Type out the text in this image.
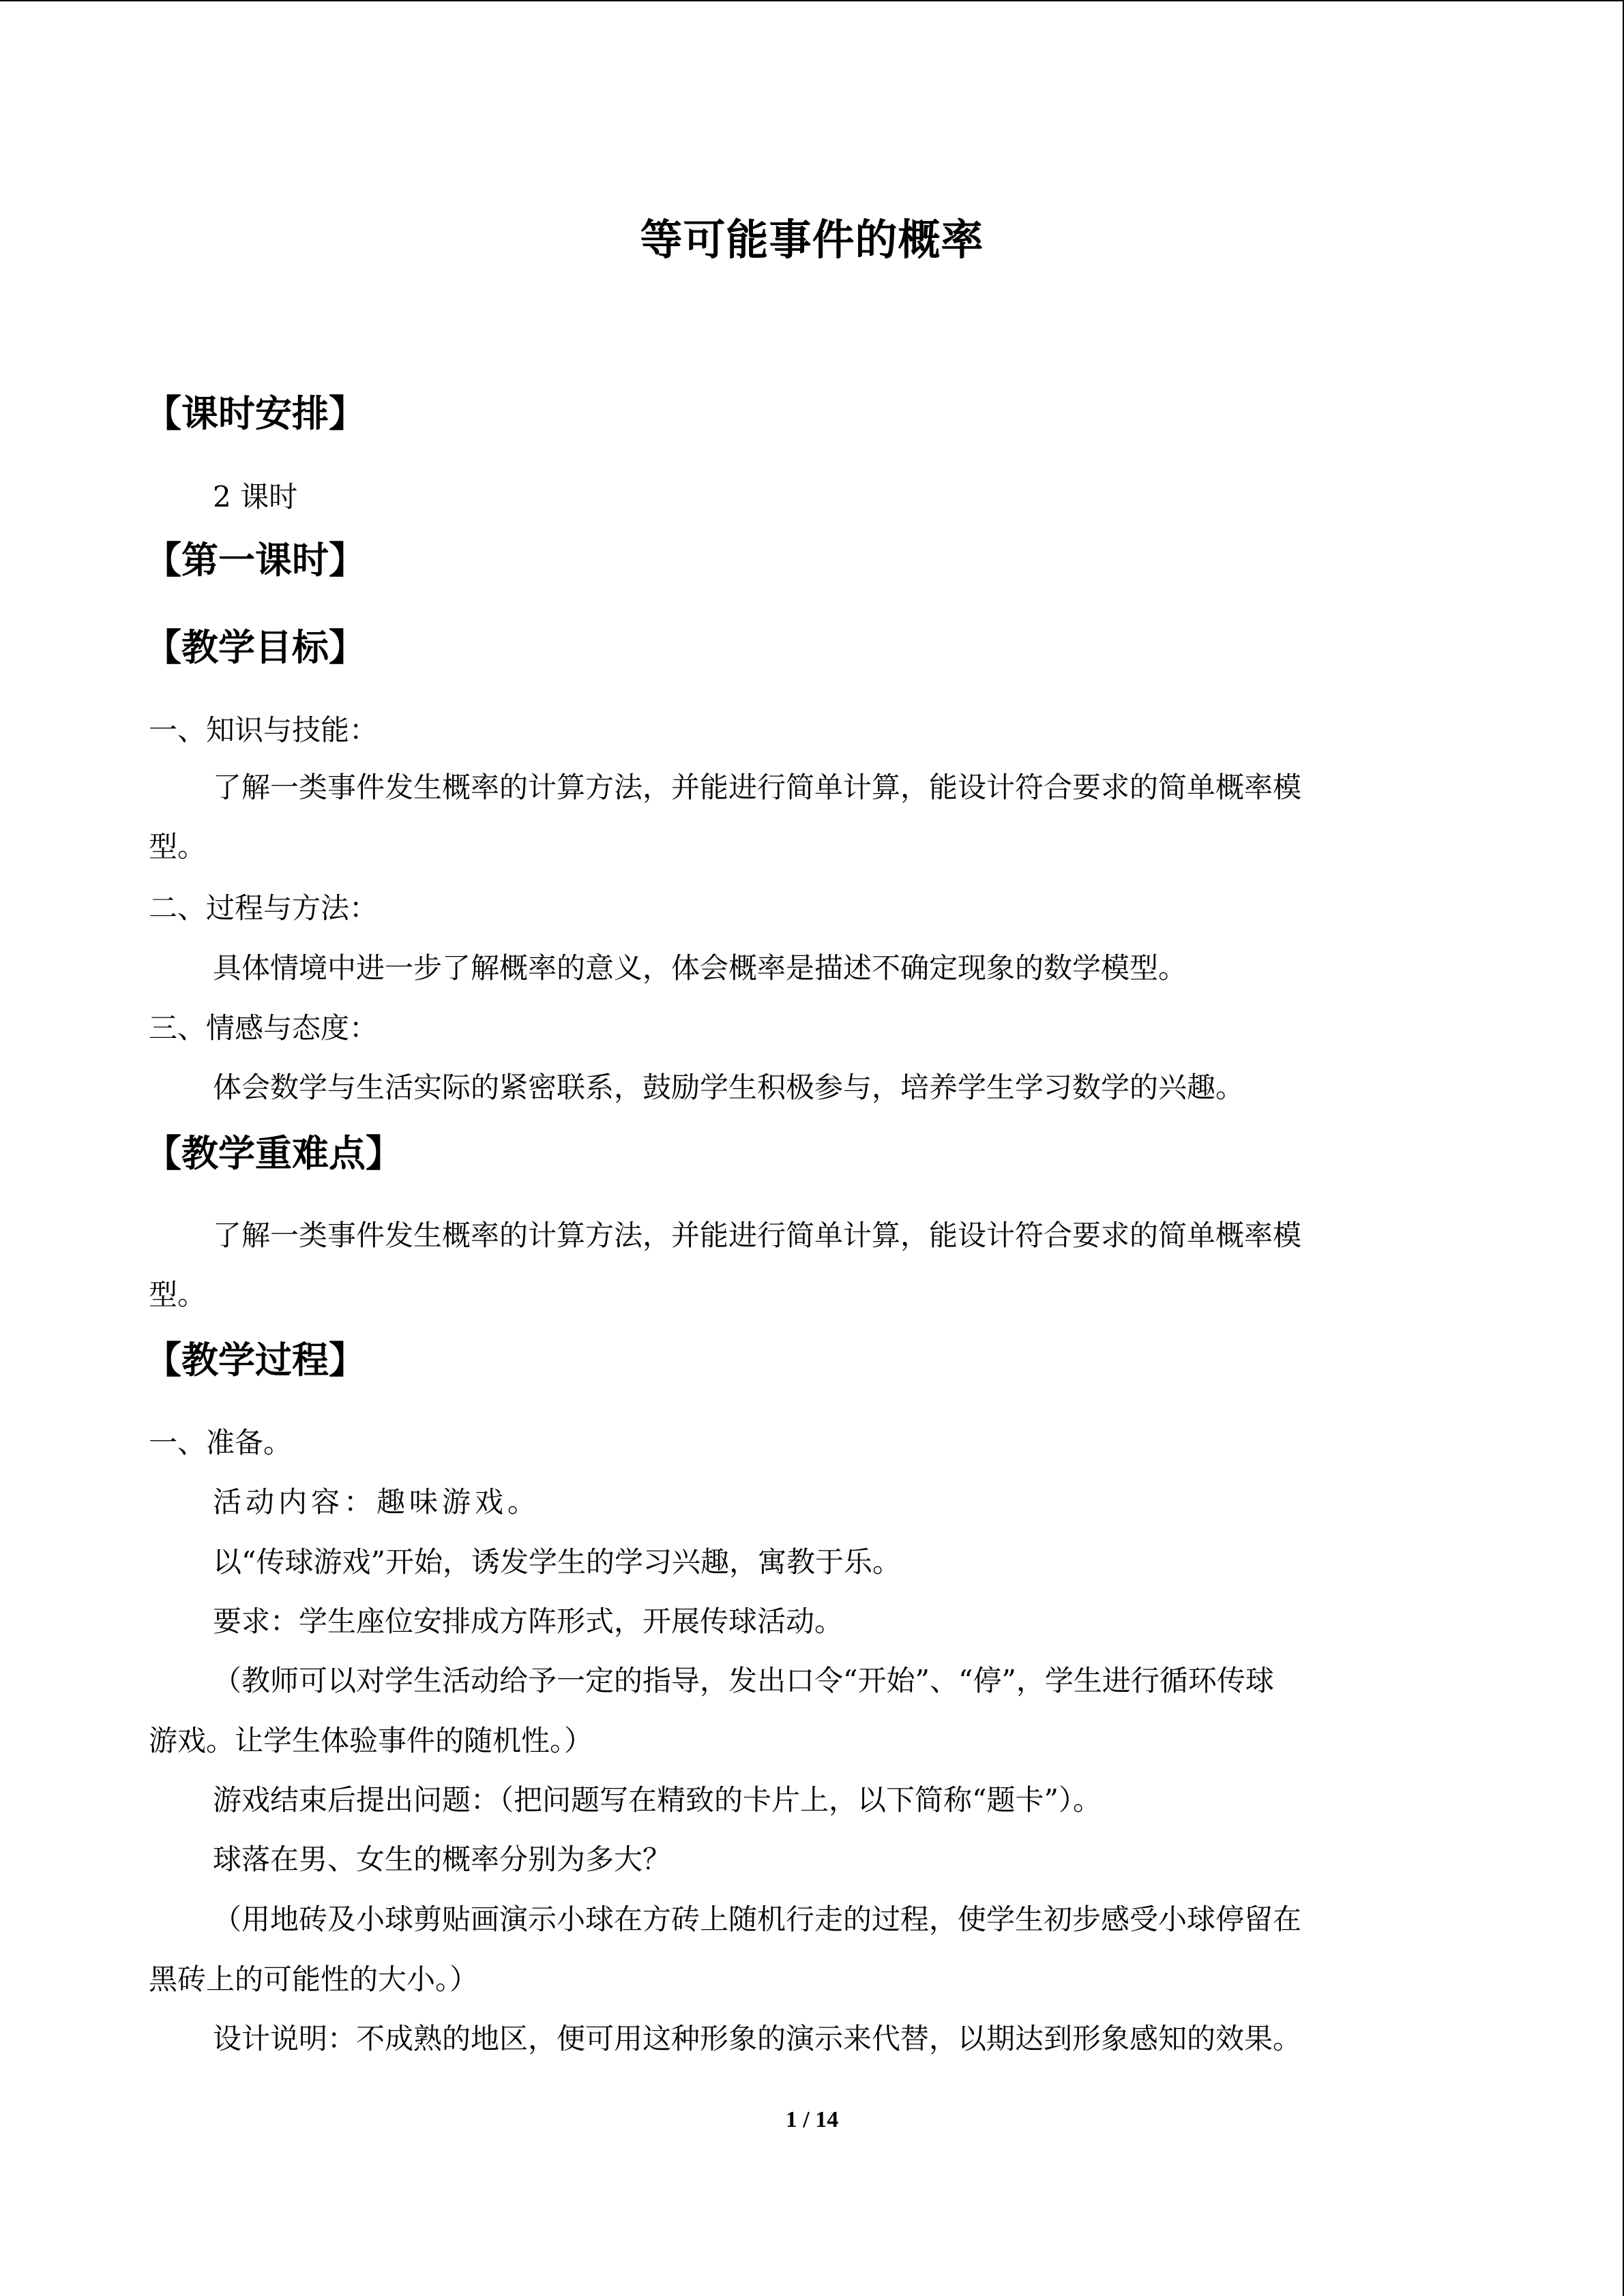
等可能事件的概率
【课时安排】
2 课时
【第一课时】
【教学目标】
一、知识与技能：
了解一类事件发生概率的计算方法，并能进行简单计算，能设计符合要求的简单概率模
型。
二、过程与方法：
具体情境中进一步了解概率的意义，体会概率是描述不确定现象的数学模型。
三、情感与态度：
体会数学与生活实际的紧密联系，鼓励学生积极参与，培养学生学习数学的兴趣。
【教学重难点】
了解一类事件发生概率的计算方法，并能进行简单计算，能设计符合要求的简单概率模
型。
【教学过程】
一、准备。
活动内容：趣味游戏。
以“传球游戏”开始，诱发学生的学习兴趣，寓教于乐。
要求：学生座位安排成方阵形式，开展传球活动。
（教师可以对学生活动给予一定的指导，发出口令“开始”、“停”，学生进行循环传球
游戏。让学生体验事件的随机性。）
游戏结束后提出问题：（把问题写在精致的卡片上，以下简称“题卡”）。
球落在男、女生的概率分别为多大？
（用地砖及小球剪贴画演示小球在方砖上随机行走的过程，使学生初步感受小球停留在
黑砖上的可能性的大小。）
设计说明：不成熟的地区，便可用这种形象的演示来代替，以期达到形象感知的效果。
1 / 14
